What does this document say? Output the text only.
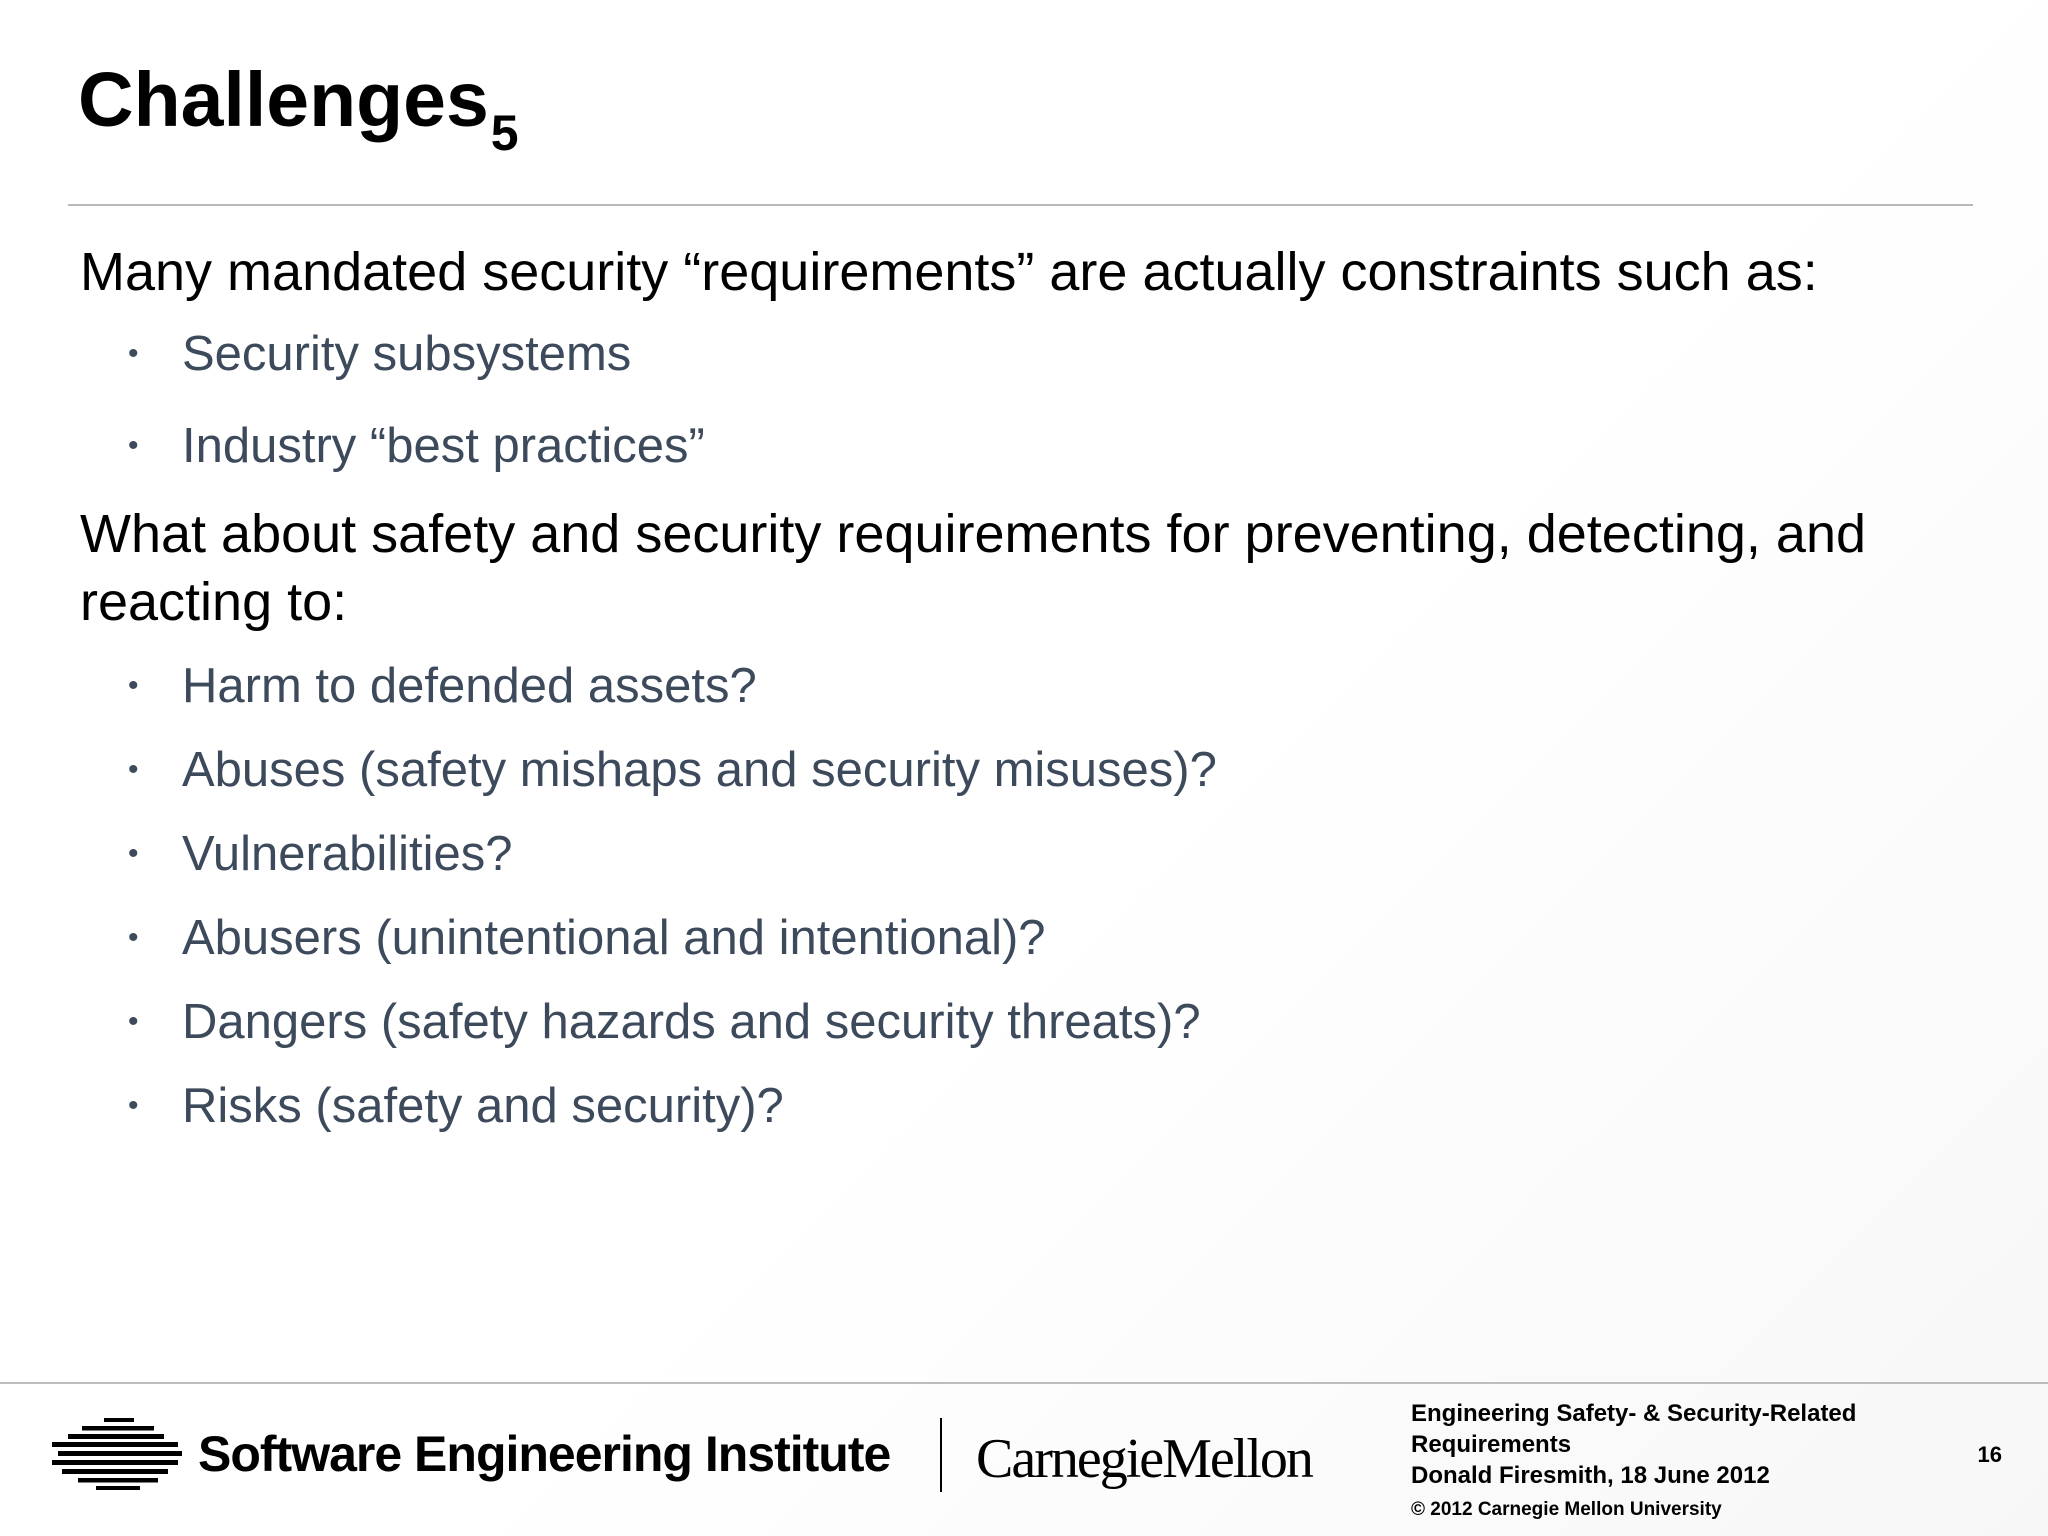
Challenges$_5$

Many mandated security “requirements” are actually constraints such as:

• Security subsystems
• Industry “best practices”

What about safety and security requirements for preventing, detecting, and reacting to:

• Harm to defended assets?
• Abuses (safety mishaps and security misuses)?
• Vulnerabilities?
• Abusers (unintentional and intentional)?
• Dangers (safety hazards and security threats)?
• Risks (safety and security)?
Software Engineering Institute CarnegieMellon
Engineering Safety- & Security-Related
Requirements
Donald Firesmith, 18 June 2012
© 2012 Carnegie Mellon University
16
